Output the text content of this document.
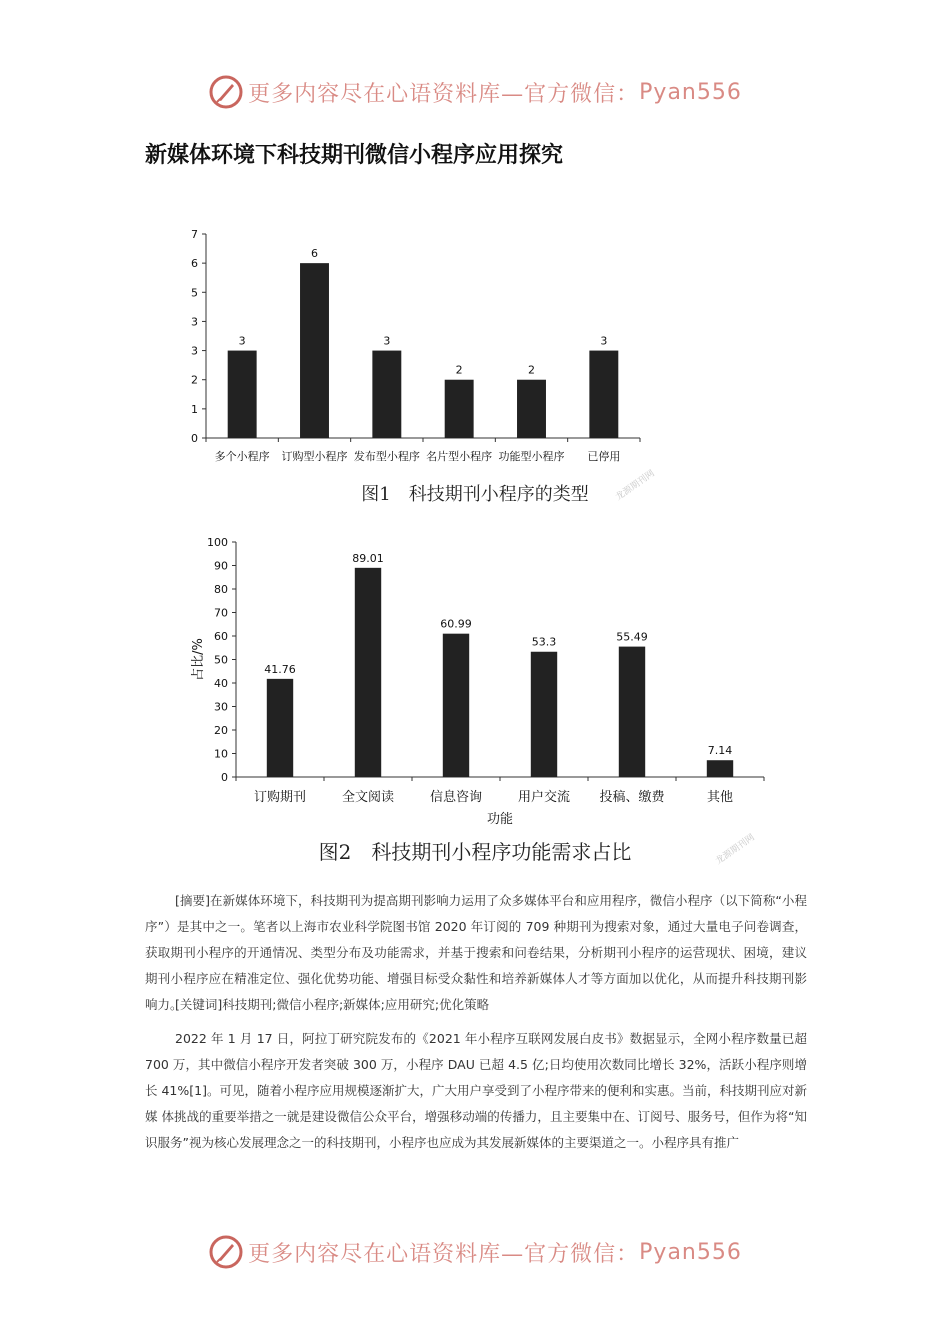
更多内容尽在心语资料库—官方微信： Pyan556
新媒体环境下科技期刊微信小程序应用探究
0
1
2
3
3
5
6
7
3
多个小程序
6
订购型小程序
3
发布型小程序
2
名片型小程序
2
功能型小程序
3
已停用
图1　科技期刊小程序的类型	龙源期刊网
0
10
20
30
40
50
60
70
80
90
100
41.76
订购期刊
89.01
全文阅读
60.99
信息咨询
53.3
用户交流
55.49
投稿、缴费
7.14
其他
功能
占比/%
图2　科技期刊小程序功能需求占比	龙源期刊网

[摘要]在新媒体环境下，科技期刊为提高期刊影响力运用了众多媒体平台和应用程序，微信小程序（以下简称“小程序”）是其中之一。笔者以上海市农业科学院图书馆 2020 年订阅的 709 种期刊为搜索对象，通过大量电子问卷调查，获取期刊小程序的开通情况、类型分布及功能需求，并基于搜索和问卷结果，分析期刊小程序的运营现状、困境，建议期刊小程序应在精准定位、强化优势功能、增强目标受众黏性和培养新媒体人才等方面加以优化，从而提升科技期刊影响力。

[关键词]科技期刊;微信小程序;新媒体;应用研究;优化策略

2022 年 1 月 17 日，阿拉丁研究院发布的《2021 年小程序互联网发展白皮书》数据显示，全网小程序数量已超 700 万，其中微信小程序开发者突破 300 万，小程序 DAU 已超 4.5 亿;日均使用次数同比增长 32%，活跃小程序则增长 41%[1]。可见，随着小程序应用规模逐渐扩大，广大用户享受到了小程序带来的便利和实惠。当前，科技期刊应对新媒 体挑战的重要举措之一就是建设微信公众平台，增强移动端的传播力，且主要集中在、订阅号、服务号，但作为将“知识服务”视为核心发展理念之一的科技期刊，小程序也应成为其发展新媒体的主要渠道之一。小程序具有推广

更多内容尽在心语资料库—官方微信： Pyan556
